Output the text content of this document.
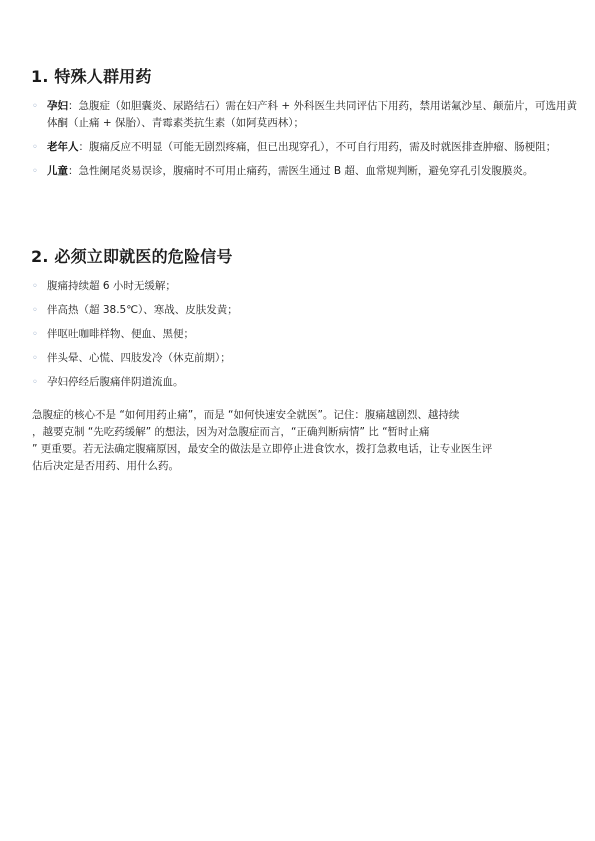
1. 特殊人群用药
◦ 孕妇：急腹症（如胆囊炎、尿路结石）需在妇产科 + 外科医生共同评估下用药，禁用诺氟沙星、颠茄片，可选用黄体酮（止痛 + 保胎）、青霉素类抗生素（如阿莫西林）；
◦ 老年人：腹痛反应不明显（可能无剧烈疼痛，但已出现穿孔），不可自行用药，需及时就医排查肿瘤、肠梗阻；
◦ 儿童：急性阑尾炎易误诊，腹痛时不可用止痛药，需医生通过 B 超、血常规判断，避免穿孔引发腹膜炎。
2. 必须立即就医的危险信号
◦ 腹痛持续超 6 小时无缓解；
◦ 伴高热（超 38.5℃）、寒战、皮肤发黄；
◦ 伴呕吐咖啡样物、便血、黑便；
◦ 伴头晕、心慌、四肢发冷（休克前期）；
◦ 孕妇停经后腹痛伴阴道流血。

急腹症的核心不是 “如何用药止痛”，而是 “如何快速安全就医”。记住：腹痛越剧烈、越持续
，越要克制 “先吃药缓解” 的想法，因为对急腹症而言，“正确判断病情” 比 “暂时止痛
” 更重要。若无法确定腹痛原因，最安全的做法是立即停止进食饮水，拨打急救电话，让专业医生评
估后决定是否用药、用什么药。
